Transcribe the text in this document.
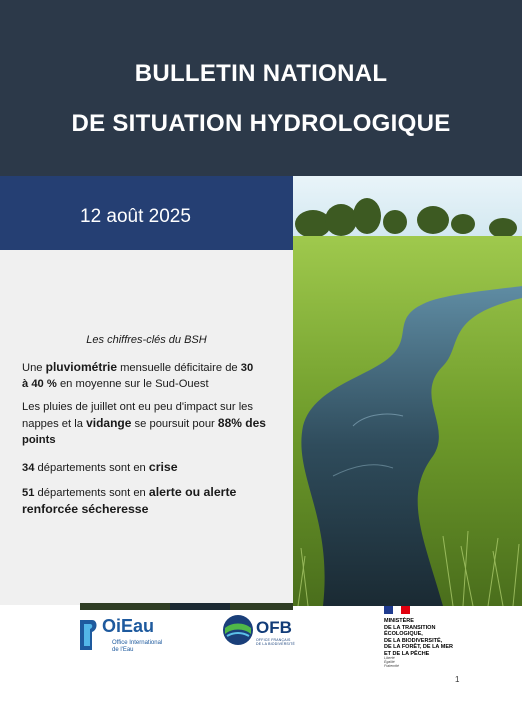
BULLETIN NATIONAL
DE SITUATION HYDROLOGIQUE
12 août 2025
Les chiffres-clés du BSH

Une pluviométrie mensuelle déficitaire de 30
à 40 % en moyenne sur le Sud-Ouest

Les pluies de juillet ont eu peu d'impact sur les
nappes et la vidange se poursuit pour 88% des
points

34 départements sont en crise

51 départements sont en alerte ou alerte
renforcée sécheresse

OiEau
Office International
de l'Eau
OFB
OFFICE FRANÇAIS
DE LA BIODIVERSITÉ
MINISTÈRE
DE LA TRANSITION
ÉCOLOGIQUE,
DE LA BIODIVERSITÉ,
DE LA FORÊT, DE LA MER
ET DE LA PÊCHE
Liberté
Égalité
Fraternité
1
